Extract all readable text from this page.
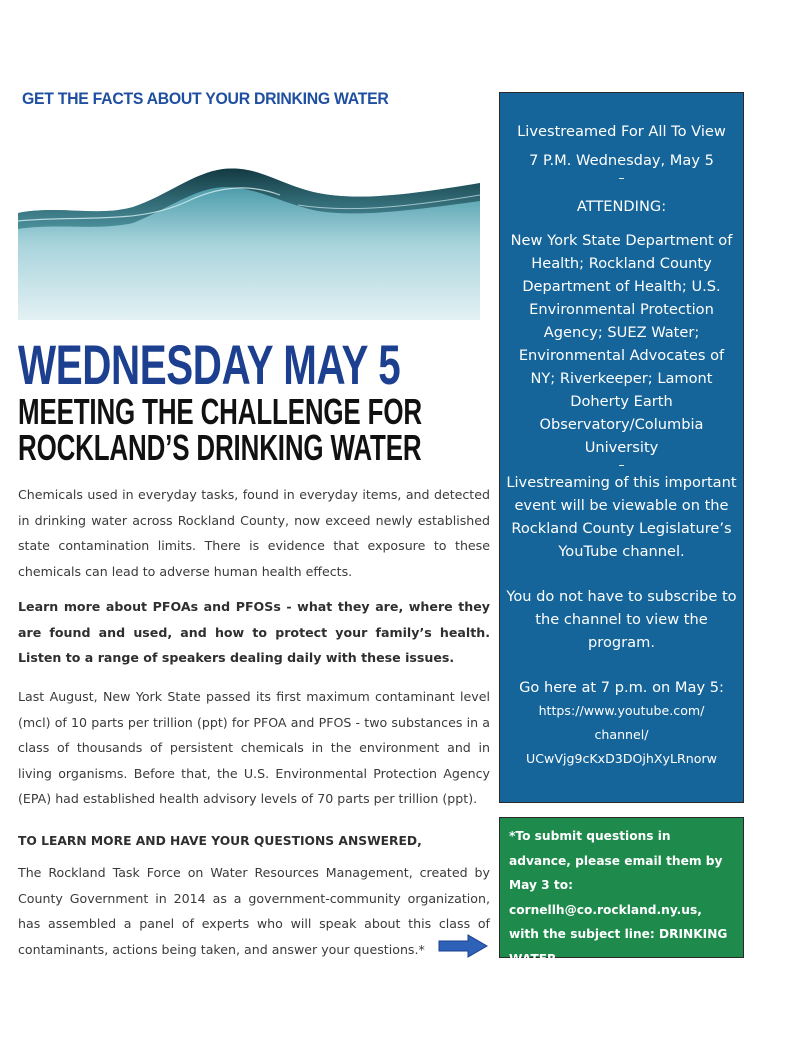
GET THE FACTS ABOUT YOUR DRINKING WATER
WEDNESDAY MAY 5
MEETING THE CHALLENGE FOR
ROCKLAND’S DRINKING WATER

Chemicals used in everyday tasks, found in everyday items, and detected in drinking water across Rockland County, now exceed newly established state contamination limits. There is evidence that exposure to these chemicals can lead to adverse human health effects.

Learn more about PFOAs and PFOSs - what they are, where they are found and used, and how to protect your family’s health. Listen to a range of speakers dealing daily with these issues.

Last August, New York State passed its first maximum contaminant level (mcl) of 10 parts per trillion (ppt) for PFOA and PFOS - two substances in a class of thousands of persistent chemicals in the environment and in living organisms. Before that, the U.S. Environmental Protection Agency (EPA) had established health advisory levels of 70 parts per trillion (ppt).

TO LEARN MORE AND HAVE YOUR QUESTIONS ANSWERED,

The Rockland Task Force on Water Resources Management, created by County Government in 2014 as a government-community organization, has assembled a panel of experts who will speak about this class of contaminants, actions being taken, and answer your questions.*

Livestreamed For All To View
7 P.M. Wednesday, May 5
–
ATTENDING:
New York State Department of Health; Rockland County Department of Health; U.S. Environmental Protection Agency; SUEZ Water; Environmental Advocates of NY; Riverkeeper; Lamont Doherty Earth Observatory/Columbia University
–
Livestreaming of this important event will be viewable on the Rockland County Legislature’s YouTube channel.
You do not have to subscribe to the channel to view the program.
Go here at 7 p.m. on May 5:
https://www.youtube.com/
channel/
UCwVjg9cKxD3DOjhXyLRnorw
*To submit questions in advance, please email them by May 3 to: cornellh@co.rockland.ny.us, with the subject line: DRINKING WATER.
